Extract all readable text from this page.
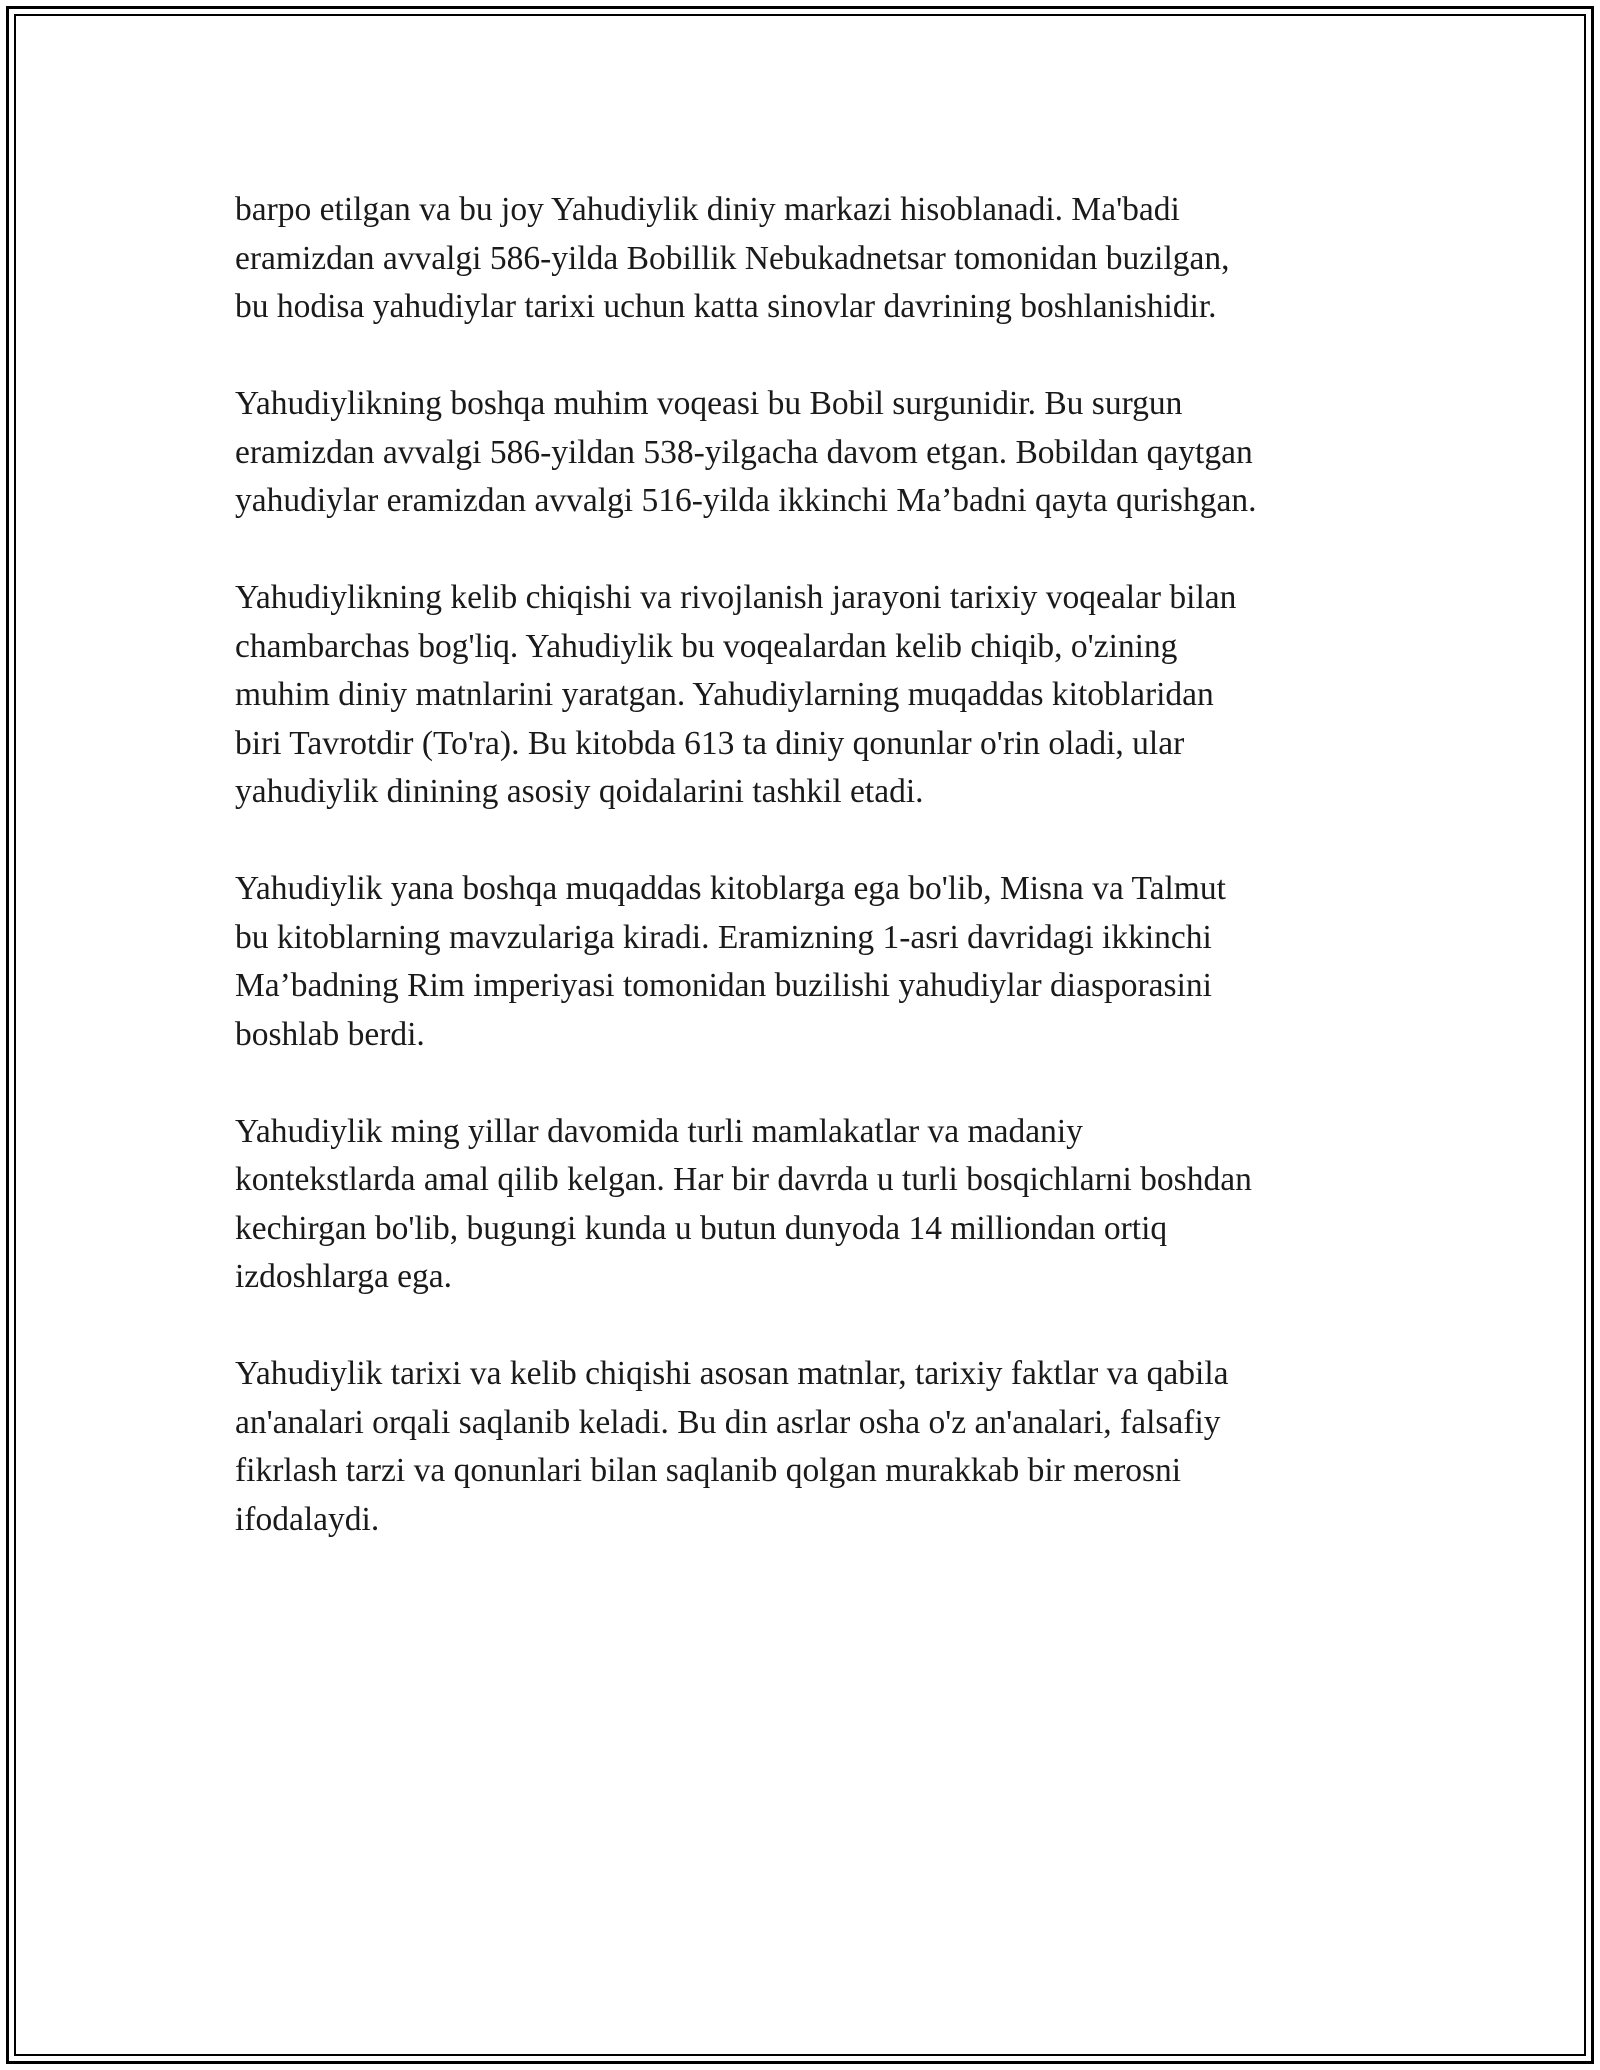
barpo etilgan va bu joy Yahudiylik diniy markazi hisoblanadi. Ma'badi
eramizdan avvalgi 586-yilda Bobillik Nebukadnetsar tomonidan buzilgan,
bu hodisa yahudiylar tarixi uchun katta sinovlar davrining boshlanishidir.

Yahudiylikning boshqa muhim voqeasi bu Bobil surgunidir. Bu surgun
eramizdan avvalgi 586-yildan 538-yilgacha davom etgan. Bobildan qaytgan
yahudiylar eramizdan avvalgi 516-yilda ikkinchi Ma’badni qayta qurishgan.

Yahudiylikning kelib chiqishi va rivojlanish jarayoni tarixiy voqealar bilan
chambarchas bog'liq. Yahudiylik bu voqealardan kelib chiqib, o'zining
muhim diniy matnlarini yaratgan. Yahudiylarning muqaddas kitoblaridan
biri Tavrotdir (To'ra). Bu kitobda 613 ta diniy qonunlar o'rin oladi, ular
yahudiylik dinining asosiy qoidalarini tashkil etadi.

Yahudiylik yana boshqa muqaddas kitoblarga ega bo'lib, Misna va Talmut
bu kitoblarning mavzulariga kiradi. Eramizning 1-asri davridagi ikkinchi
Ma’badning Rim imperiyasi tomonidan buzilishi yahudiylar diasporasini
boshlab berdi.

Yahudiylik ming yillar davomida turli mamlakatlar va madaniy
kontekstlarda amal qilib kelgan. Har bir davrda u turli bosqichlarni boshdan
kechirgan bo'lib, bugungi kunda u butun dunyoda 14 milliondan ortiq
izdoshlarga ega.

Yahudiylik tarixi va kelib chiqishi asosan matnlar, tarixiy faktlar va qabila
an'analari orqali saqlanib keladi. Bu din asrlar osha o'z an'analari, falsafiy
fikrlash tarzi va qonunlari bilan saqlanib qolgan murakkab bir merosni
ifodalaydi.
